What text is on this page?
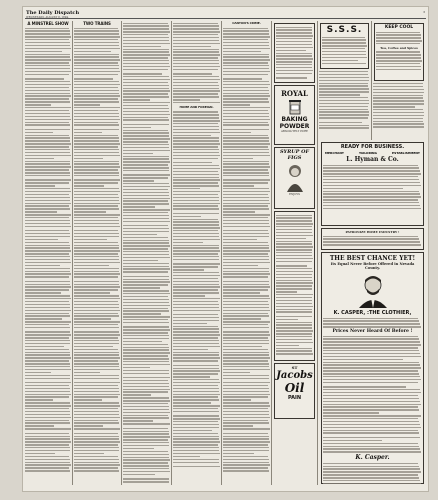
The Daily Dispatch
WEDNESDAY, AUGUST 8, 1894.
3
A MINSTREL SHOW	TWO TRAINS
HOME AND FOREIGN.
CANTON'S CRIME.
ROYAL
BAKING
POWDER
ABSOLUTELY PURE
SYRUP OF FIGS
ENJOYS
ST
Jacobs
Oil
PAIN
S.S.S.	KEEP COOL
Tea, Coffee and Spices
READY FOR BUSINESS.
MERCHANT	TAILORING	ESTABLISHMENT
L. Hyman & Co.
PATRONIZE HOME INDUSTRY !
THE BEST CHANCE YET!
Its Equal Never Before Offered in Nevada County.
K. CASPER, :THE CLOTHIER,
Prices Never Heard Of Before !
K. Casper.
